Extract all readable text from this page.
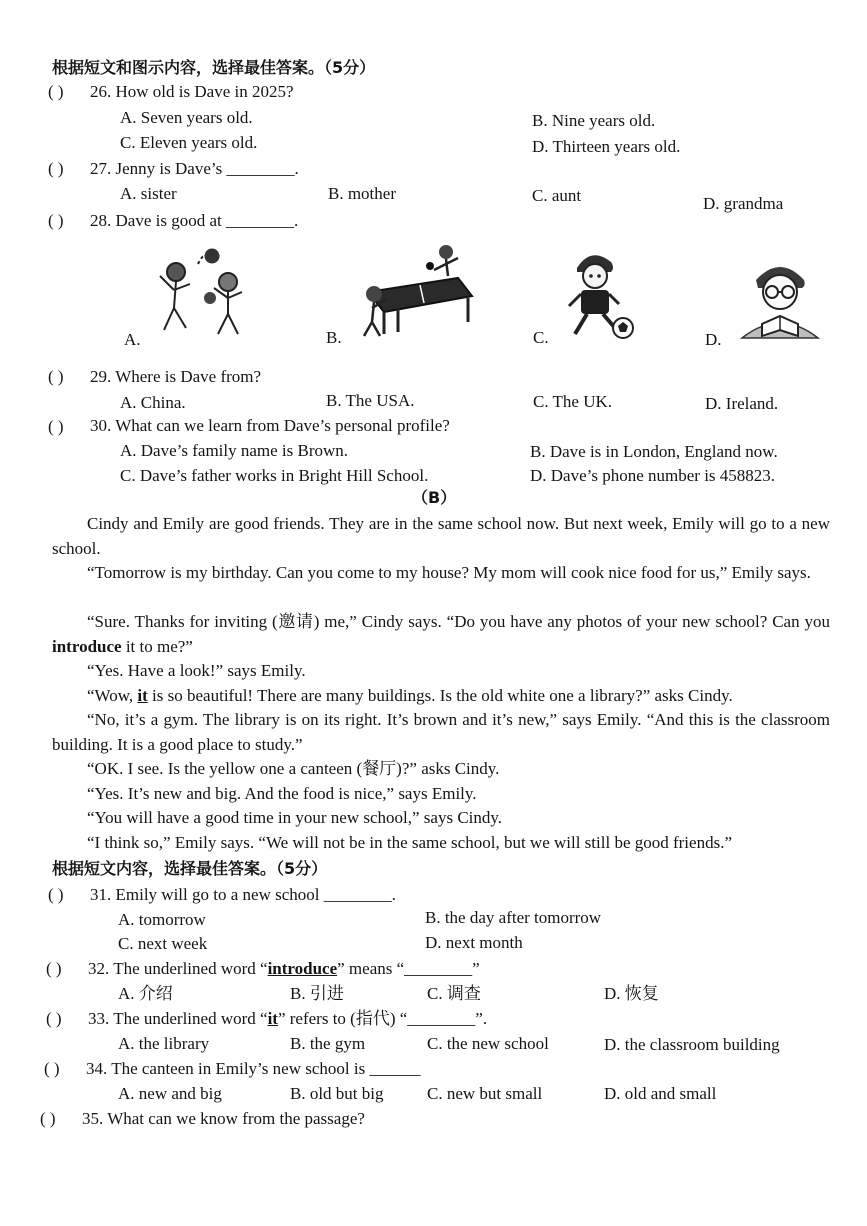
根据短文和图示内容，选择最佳答案。（5分）
( ) 26. How old is Dave in 2025?
A. Seven years old.	B. Nine years old.
C. Eleven years old.	D. Thirteen years old.
( ) 27. Jenny is Dave’s ________.
A. sister	B. mother	C. aunt	D. grandma
( ) 28. Dave is good at ________.
A.	B.	C.	D.
( ) 29. Where is Dave from?
A. China.	B. The USA.	C. The UK.	D. Ireland.
( ) 30. What can we learn from Dave’s personal profile?
A. Dave’s family name is Brown.	B. Dave is in London, England now.
C. Dave’s father works in Bright Hill School.	D. Dave’s phone number is 458823.
（B）
Cindy and Emily are good friends. They are in the same school now. But next week, Emily will go to a new school.
“Tomorrow is my birthday. Can you come to my house? My mom will cook nice food for us,” Emily says.
“Sure. Thanks for inviting (邀请) me,” Cindy says. “Do you have any photos of your new school? Can you introduce it to me?”
“Yes. Have a look!” says Emily.
“Wow, it is so beautiful! There are many buildings. Is the old white one a library?” asks Cindy.
“No, it’s a gym. The library is on its right. It’s brown and it’s new,” says Emily. “And this is the classroom building. It is a good place to study.”
“OK. I see. Is the yellow one a canteen (餐厅)?” asks Cindy.
“Yes. It’s new and big. And the food is nice,” says Emily.
“You will have a good time in your new school,” says Cindy.
“I think so,” Emily says. “We will not be in the same school, but we will still be good friends.”
根据短文内容，选择最佳答案。（5分）
( ) 31. Emily will go to a new school ________.
A. tomorrow	B. the day after tomorrow
C. next week	D. next month
( ) 32. The underlined word “introduce” means “________”
A. 介绍	B. 引进	C. 调查	D. 恢复
( ) 33. The underlined word “it” refers to (指代) “________”.
A. the library	B. the gym	C. the new school	D. the classroom building
( ) 34. The canteen in Emily’s new school is ______
A. new and big	B. old but big	C. new but small	D. old and small
( ) 35. What can we know from the passage?
